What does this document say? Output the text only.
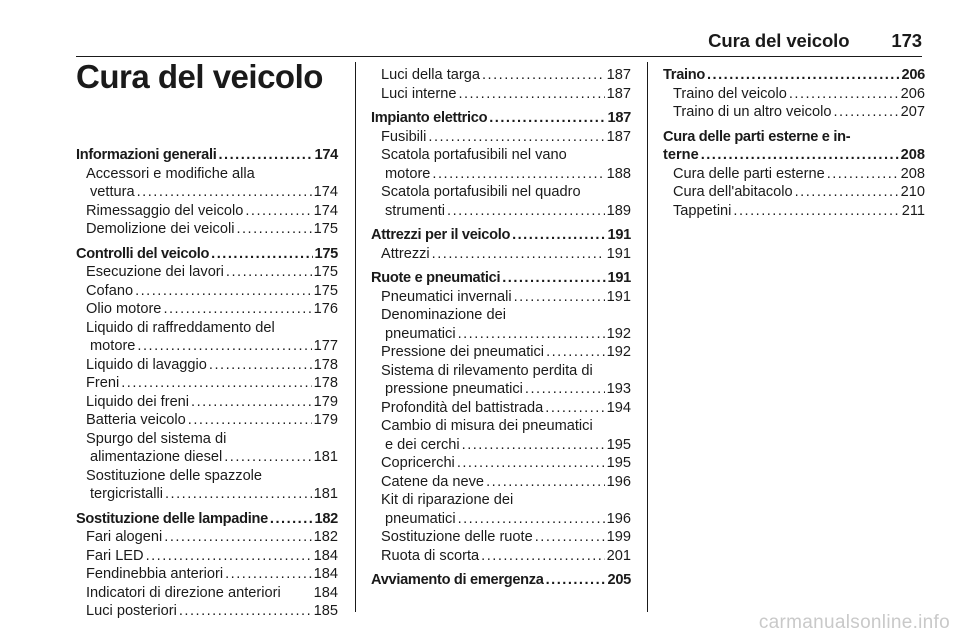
Cura del veicolo 173
Cura del veicolo
Informazioni generali .....	174
Accessori e modifiche alla
vettura .....	174
Rimessaggio del veicolo .....	174
Demolizione dei veicoli .....	175
Controlli del veicolo .....	175
Esecuzione dei lavori .....	175
Cofano .....	175
Olio motore .....	176
Liquido di raffreddamento del
motore .....	177
Liquido di lavaggio .....	178
Freni .....	178
Liquido dei freni .....	179
Batteria veicolo .....	179
Spurgo del sistema di
alimentazione diesel .....	181
Sostituzione delle spazzole
tergicristalli .....	181
Sostituzione delle lampadine .....	182
Fari alogeni .....	182
Fari LED .....	184
Fendinebbia anteriori .....	184
Indicatori di direzione anteriori 184
Luci posteriori .....	185
Luci della targa .....	187
Luci interne .....	187
Impianto elettrico .....	187
Fusibili .....	187
Scatola portafusibili nel vano
motore .....	188
Scatola portafusibili nel quadro
strumenti .....	189
Attrezzi per il veicolo .....	191
Attrezzi .....	191
Ruote e pneumatici .....	191
Pneumatici invernali .....	191
Denominazione dei
pneumatici .....	192
Pressione dei pneumatici .....	192
Sistema di rilevamento perdita di
pressione pneumatici .....	193
Profondità del battistrada .....	194
Cambio di misura dei pneumatici
e dei cerchi .....	195
Copricerchi .....	195
Catene da neve .....	196
Kit di riparazione dei
pneumatici .....	196
Sostituzione delle ruote .....	199
Ruota di scorta .....	201
Avviamento di emergenza .....	205
Traino .....	206
Traino del veicolo .....	206
Traino di un altro veicolo .....	207
Cura delle parti esterne e in-
terne .....	208
Cura delle parti esterne .....	208
Cura dell'abitacolo .....	210
Tappetini .....	211
carmanualsonline.info
